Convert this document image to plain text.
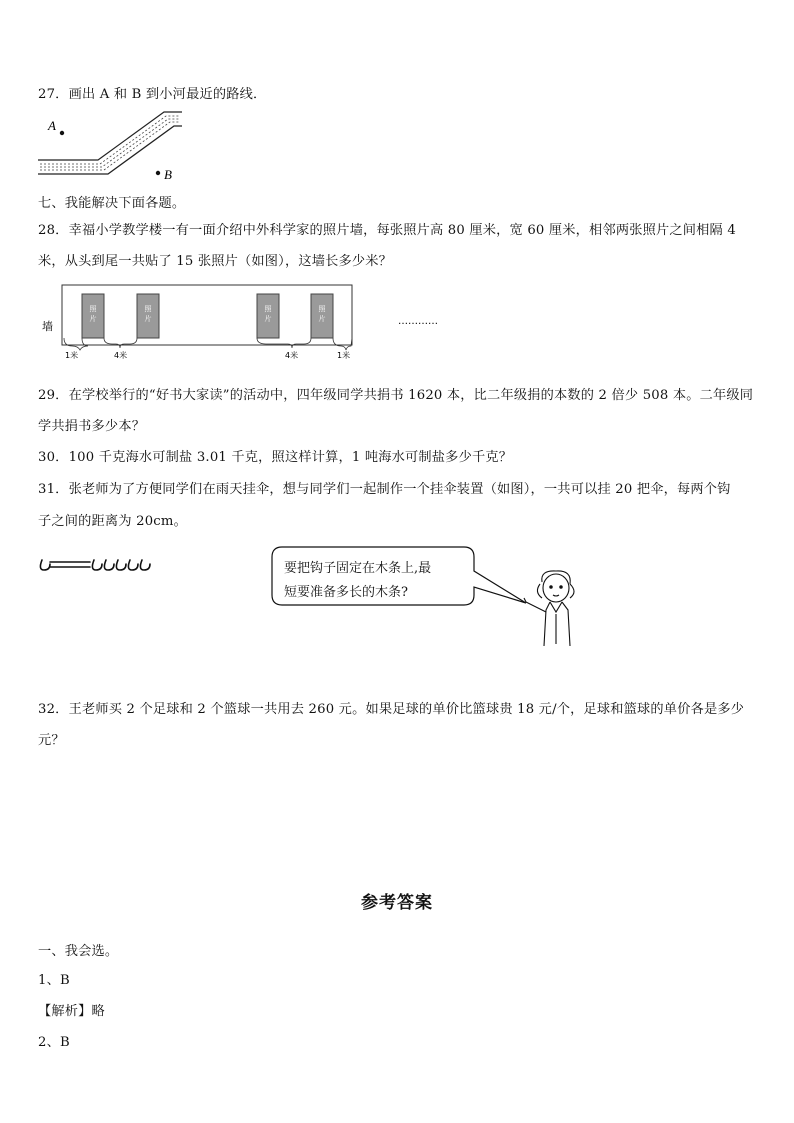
27．画出 A 和 B 到小河最近的路线．
A
B
七、我能解决下面各题。
28．幸福小学教学楼一有一面介绍中外科学家的照片墙，每张照片高 80 厘米，宽 60 厘米，相邻两张照片之间相隔 4
米，从头到尾一共贴了 15 张照片（如图），这墙长多少米？
墙
照
片
照
片
照
片
照
片
1米	4米	4米	1米
…………
29．在学校举行的“好书大家读”的活动中，四年级同学共捐书 1620 本，比二年级捐的本数的 2 倍少 508 本。二年级同
学共捐书多少本？
30．100 千克海水可制盐 3.01 千克，照这样计算，1 吨海水可制盐多少千克？
31．张老师为了方便同学们在雨天挂伞，想与同学们一起制作一个挂伞装置（如图），一共可以挂 20 把伞，每两个钩
子之间的距离为 20cm。
要把钩子固定在木条上,最
短要准备多长的木条?
32．王老师买 2 个足球和 2 个篮球一共用去 260 元。如果足球的单价比篮球贵 18 元/个，足球和篮球的单价各是多少
元？
参考答案
一、我会选。
1、B
【解析】略
2、B
